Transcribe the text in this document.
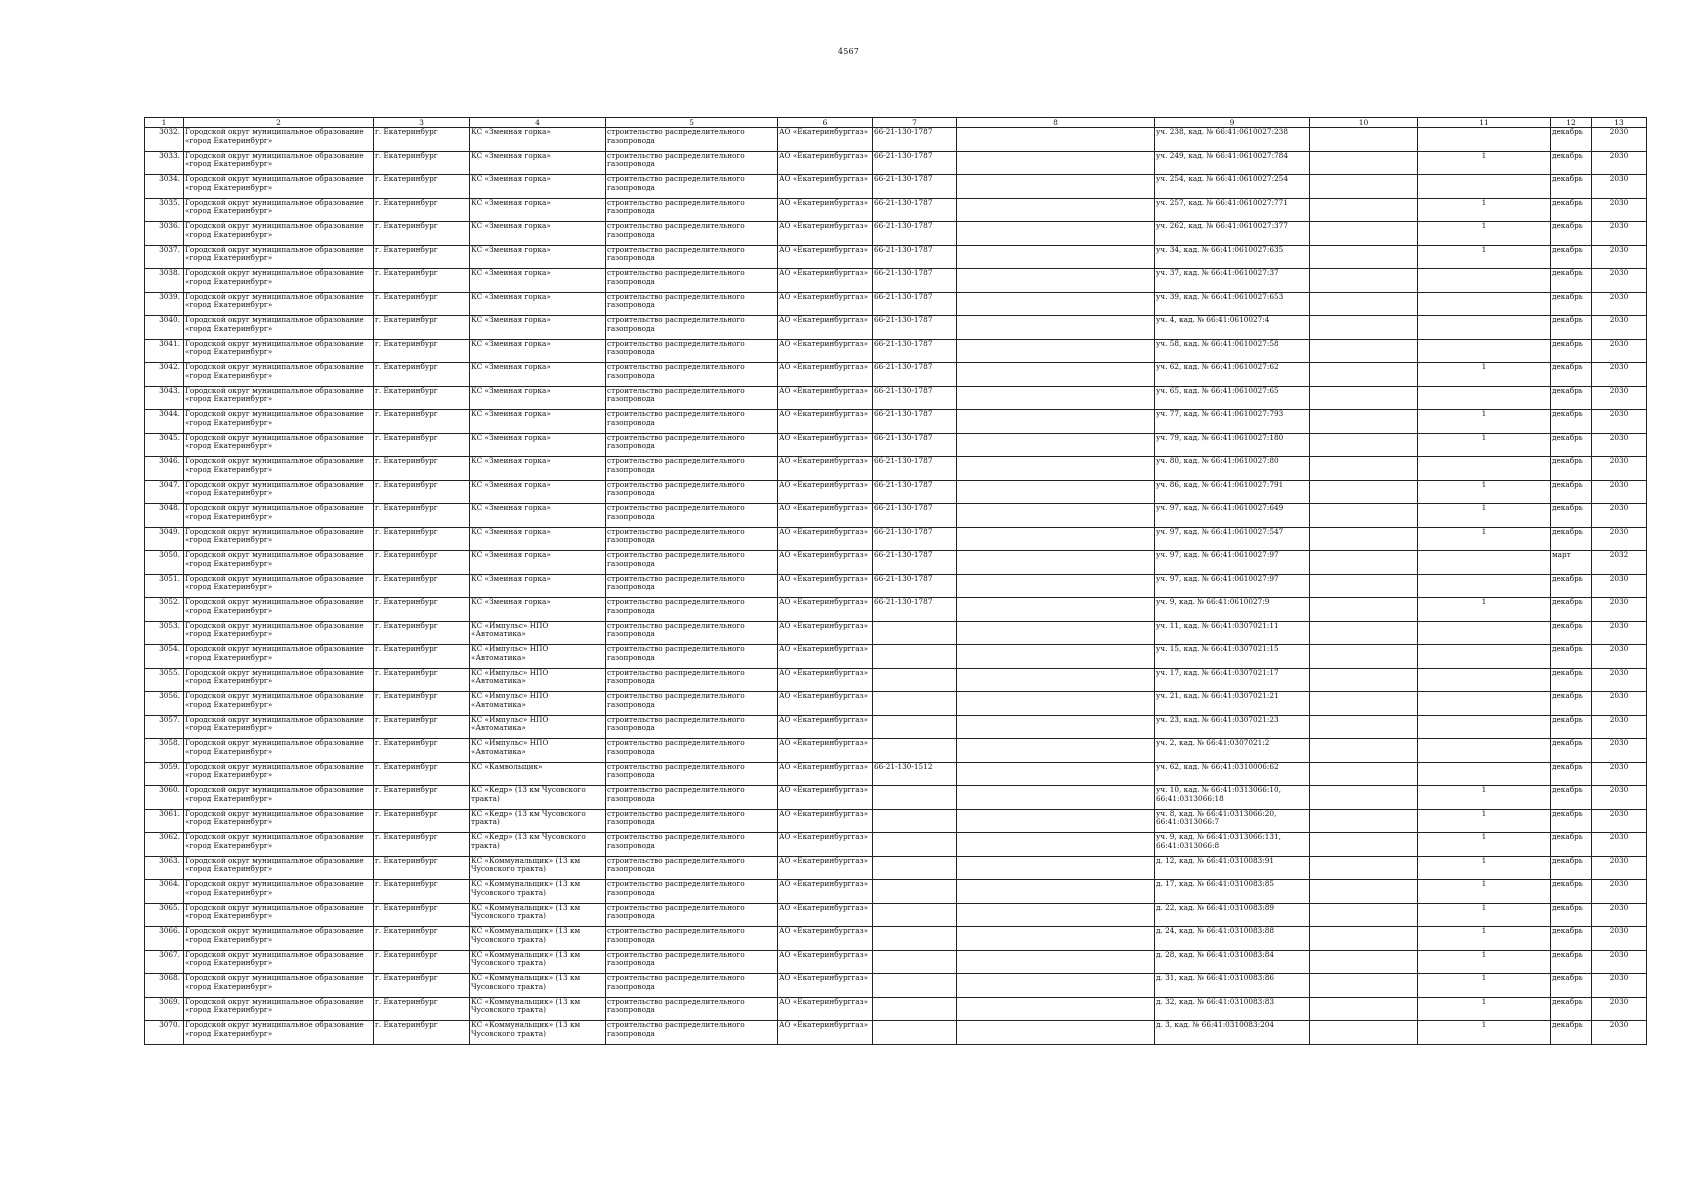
4567
1	2	3	4	5	6	7	8	9	10	11	12	13
3032.	Городской округ муниципальное образование «город Екатеринбург»	г. Екатеринбург	КС «Змеиная горка»	строительство распределительного газопровода	АО «Екатеринбурггаз»	66-21-130-1787		уч. 238, кад. № 66:41:0610027:238			декабрь	2030
3033.	Городской округ муниципальное образование «город Екатеринбург»	г. Екатеринбург	КС «Змеиная горка»	строительство распределительного газопровода	АО «Екатеринбурггаз»	66-21-130-1787		уч. 249, кад. № 66:41:0610027:784		1	декабрь	2030
3034.	Городской округ муниципальное образование «город Екатеринбург»	г. Екатеринбург	КС «Змеиная горка»	строительство распределительного газопровода	АО «Екатеринбурггаз»	66-21-130-1787		уч. 254, кад. № 66:41:0610027:254			декабрь	2030
3035.	Городской округ муниципальное образование «город Екатеринбург»	г. Екатеринбург	КС «Змеиная горка»	строительство распределительного газопровода	АО «Екатеринбурггаз»	66-21-130-1787		уч. 257, кад. № 66:41:0610027:771		1	декабрь	2030
3036.	Городской округ муниципальное образование «город Екатеринбург»	г. Екатеринбург	КС «Змеиная горка»	строительство распределительного газопровода	АО «Екатеринбурггаз»	66-21-130-1787		уч. 262, кад. № 66:41:0610027:377		1	декабрь	2030
3037.	Городской округ муниципальное образование «город Екатеринбург»	г. Екатеринбург	КС «Змеиная горка»	строительство распределительного газопровода	АО «Екатеринбурггаз»	66-21-130-1787		уч. 34, кад. № 66:41:0610027:635		1	декабрь	2030
3038.	Городской округ муниципальное образование «город Екатеринбург»	г. Екатеринбург	КС «Змеиная горка»	строительство распределительного газопровода	АО «Екатеринбурггаз»	66-21-130-1787		уч. 37, кад. № 66:41:0610027:37			декабрь	2030
3039.	Городской округ муниципальное образование «город Екатеринбург»	г. Екатеринбург	КС «Змеиная горка»	строительство распределительного газопровода	АО «Екатеринбурггаз»	66-21-130-1787		уч. 39, кад. № 66:41:0610027:653			декабрь	2030
3040.	Городской округ муниципальное образование «город Екатеринбург»	г. Екатеринбург	КС «Змеиная горка»	строительство распределительного газопровода	АО «Екатеринбурггаз»	66-21-130-1787		уч. 4, кад. № 66:41:0610027:4			декабрь	2030
3041.	Городской округ муниципальное образование «город Екатеринбург»	г. Екатеринбург	КС «Змеиная горка»	строительство распределительного газопровода	АО «Екатеринбурггаз»	66-21-130-1787		уч. 58, кад. № 66:41:0610027:58			декабрь	2030
3042.	Городской округ муниципальное образование «город Екатеринбург»	г. Екатеринбург	КС «Змеиная горка»	строительство распределительного газопровода	АО «Екатеринбурггаз»	66-21-130-1787		уч. 62, кад. № 66:41:0610027:62		1	декабрь	2030
3043.	Городской округ муниципальное образование «город Екатеринбург»	г. Екатеринбург	КС «Змеиная горка»	строительство распределительного газопровода	АО «Екатеринбурггаз»	66-21-130-1787		уч. 65, кад. № 66:41:0610027:65			декабрь	2030
3044.	Городской округ муниципальное образование «город Екатеринбург»	г. Екатеринбург	КС «Змеиная горка»	строительство распределительного газопровода	АО «Екатеринбурггаз»	66-21-130-1787		уч. 77, кад. № 66:41:0610027:793		1	декабрь	2030
3045.	Городской округ муниципальное образование «город Екатеринбург»	г. Екатеринбург	КС «Змеиная горка»	строительство распределительного газопровода	АО «Екатеринбурггаз»	66-21-130-1787		уч. 79, кад. № 66:41:0610027:180		1	декабрь	2030
3046.	Городской округ муниципальное образование «город Екатеринбург»	г. Екатеринбург	КС «Змеиная горка»	строительство распределительного газопровода	АО «Екатеринбурггаз»	66-21-130-1787		уч. 80, кад. № 66:41:0610027:80			декабрь	2030
3047.	Городской округ муниципальное образование «город Екатеринбург»	г. Екатеринбург	КС «Змеиная горка»	строительство распределительного газопровода	АО «Екатеринбурггаз»	66-21-130-1787		уч. 86, кад. № 66:41:0610027:791		1	декабрь	2030
3048.	Городской округ муниципальное образование «город Екатеринбург»	г. Екатеринбург	КС «Змеиная горка»	строительство распределительного газопровода	АО «Екатеринбурггаз»	66-21-130-1787		уч. 97, кад. № 66:41:0610027:649		1	декабрь	2030
3049.	Городской округ муниципальное образование «город Екатеринбург»	г. Екатеринбург	КС «Змеиная горка»	строительство распределительного газопровода	АО «Екатеринбурггаз»	66-21-130-1787		уч. 97, кад. № 66:41:0610027:547		1	декабрь	2030
3050.	Городской округ муниципальное образование «город Екатеринбург»	г. Екатеринбург	КС «Змеиная горка»	строительство распределительного газопровода	АО «Екатеринбурггаз»	66-21-130-1787		уч. 97, кад. № 66:41:0610027:97			март	2032
3051.	Городской округ муниципальное образование «город Екатеринбург»	г. Екатеринбург	КС «Змеиная горка»	строительство распределительного газопровода	АО «Екатеринбурггаз»	66-21-130-1787		уч. 97, кад. № 66:41:0610027:97			декабрь	2030
3052.	Городской округ муниципальное образование «город Екатеринбург»	г. Екатеринбург	КС «Змеиная горка»	строительство распределительного газопровода	АО «Екатеринбурггаз»	66-21-130-1787		уч. 9, кад. № 66:41:0610027:9		1	декабрь	2030
3053.	Городской округ муниципальное образование «город Екатеринбург»	г. Екатеринбург	КС «Импульс» НПО «Автоматика»	строительство распределительного газопровода	АО «Екатеринбурггаз»			уч. 11, кад. № 66:41:0307021:11			декабрь	2030
3054.	Городской округ муниципальное образование «город Екатеринбург»	г. Екатеринбург	КС «Импульс» НПО «Автоматика»	строительство распределительного газопровода	АО «Екатеринбурггаз»			уч. 15, кад. № 66:41:0307021:15			декабрь	2030
3055.	Городской округ муниципальное образование «город Екатеринбург»	г. Екатеринбург	КС «Импульс» НПО «Автоматика»	строительство распределительного газопровода	АО «Екатеринбурггаз»			уч. 17, кад. № 66:41:0307021:17			декабрь	2030
3056.	Городской округ муниципальное образование «город Екатеринбург»	г. Екатеринбург	КС «Импульс» НПО «Автоматика»	строительство распределительного газопровода	АО «Екатеринбурггаз»			уч. 21, кад. № 66:41:0307021:21			декабрь	2030
3057.	Городской округ муниципальное образование «город Екатеринбург»	г. Екатеринбург	КС «Импульс» НПО «Автоматика»	строительство распределительного газопровода	АО «Екатеринбурггаз»			уч. 23, кад. № 66:41:0307021:23			декабрь	2030
3058.	Городской округ муниципальное образование «город Екатеринбург»	г. Екатеринбург	КС «Импульс» НПО «Автоматика»	строительство распределительного газопровода	АО «Екатеринбурггаз»			уч. 2, кад. № 66:41:0307021:2			декабрь	2030
3059.	Городской округ муниципальное образование «город Екатеринбург»	г. Екатеринбург	КС «Камвольщик»	строительство распределительного газопровода	АО «Екатеринбурггаз»	66-21-130-1512		уч. 62, кад. № 66:41:0310006:62			декабрь	2030
3060.	Городской округ муниципальное образование «город Екатеринбург»	г. Екатеринбург	КС «Кедр» (13 км Чусовского тракта)	строительство распределительного газопровода	АО «Екатеринбурггаз»			уч. 10, кад. № 66:41:0313066:10, 66:41:0313066:18		1	декабрь	2030
3061.	Городской округ муниципальное образование «город Екатеринбург»	г. Екатеринбург	КС «Кедр» (13 км Чусовского тракта)	строительство распределительного газопровода	АО «Екатеринбурггаз»			уч. 8, кад. № 66:41:0313066:20, 66:41:0313066:7		1	декабрь	2030
3062.	Городской округ муниципальное образование «город Екатеринбург»	г. Екатеринбург	КС «Кедр» (13 км Чусовского тракта)	строительство распределительного газопровода	АО «Екатеринбурггаз»			уч. 9, кад. № 66:41:0313066:131, 66:41:0313066:8		1	декабрь	2030
3063.	Городской округ муниципальное образование «город Екатеринбург»	г. Екатеринбург	КС «Коммунальщик» (13 км Чусовского тракта)	строительство распределительного газопровода	АО «Екатеринбурггаз»			д. 12, кад. № 66:41:0310083:91		1	декабрь	2030
3064.	Городской округ муниципальное образование «город Екатеринбург»	г. Екатеринбург	КС «Коммунальщик» (13 км Чусовского тракта)	строительство распределительного газопровода	АО «Екатеринбурггаз»			д. 17, кад. № 66:41:0310083:85		1	декабрь	2030
3065.	Городской округ муниципальное образование «город Екатеринбург»	г. Екатеринбург	КС «Коммунальщик» (13 км Чусовского тракта)	строительство распределительного газопровода	АО «Екатеринбурггаз»			д. 22, кад. № 66:41:0310083:89		1	декабрь	2030
3066.	Городской округ муниципальное образование «город Екатеринбург»	г. Екатеринбург	КС «Коммунальщик» (13 км Чусовского тракта)	строительство распределительного газопровода	АО «Екатеринбурггаз»			д. 24, кад. № 66:41:0310083:88		1	декабрь	2030
3067.	Городской округ муниципальное образование «город Екатеринбург»	г. Екатеринбург	КС «Коммунальщик» (13 км Чусовского тракта)	строительство распределительного газопровода	АО «Екатеринбурггаз»			д. 28, кад. № 66:41:0310083:84		1	декабрь	2030
3068.	Городской округ муниципальное образование «город Екатеринбург»	г. Екатеринбург	КС «Коммунальщик» (13 км Чусовского тракта)	строительство распределительного газопровода	АО «Екатеринбурггаз»			д. 31, кад. № 66:41:0310083:86		1	декабрь	2030
3069.	Городской округ муниципальное образование «город Екатеринбург»	г. Екатеринбург	КС «Коммунальщик» (13 км Чусовского тракта)	строительство распределительного газопровода	АО «Екатеринбурггаз»			д. 32, кад. № 66:41:0310083:83		1	декабрь	2030
3070.	Городской округ муниципальное образование «город Екатеринбург»	г. Екатеринбург	КС «Коммунальщик» (13 км Чусовского тракта)	строительство распределительного газопровода	АО «Екатеринбурггаз»			д. 3, кад. № 66:41:0310083:204		1	декабрь	2030
